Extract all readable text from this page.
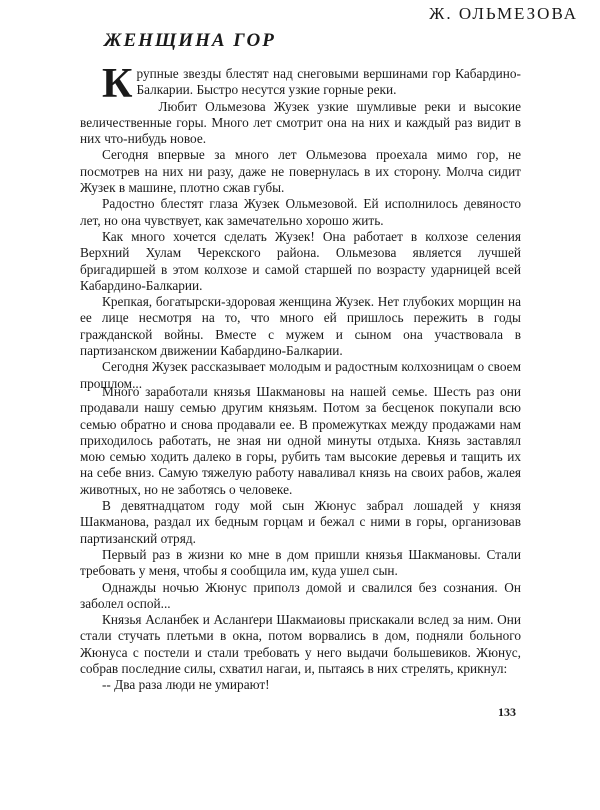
Ж. ОЛЬМЕЗОВА
ЖЕНЩИНА ГОР

Крупные звезды блестят над снеговыми вершинами гор Кабардино-Балкарии. Быстро несутся узкие горные реки.

Любит Ольмезова Жузек узкие шумливые реки и высокие величественные горы. Много лет смотрит она на них и каждый раз видит в них что-нибудь новое.

Сегодня впервые за много лет Ольмезова проехала мимо гор, не посмотрев на них ни разу, даже не повернулась в их сторону. Молча сидит Жузек в машине, плотно сжав губы.

Радостно блестят глаза Жузек Ольмезовой. Ей исполнилось девяносто лет, но она чувствует, как замечательно хорошо жить.

Как много хочется сделать Жузек! Она работает в колхозе селения Верхний Хулам Черекского района. Ольмезова является лучшей бригадиршей в этом колхозе и самой старшей по возрасту ударницей всей Кабардино-Балкарии.

Крепкая, богатырски-здоровая женщина Жузек. Нет глубоких морщин на ее лице несмотря на то, что много ей пришлось пережить в годы гражданской войны. Вместе с мужем и сыном она участвовала в партизанском движении Кабардино-Балкарии.

Сегодня Жузек рассказывает молодым и радостным колхозницам о своем прошлом...

Много заработали князья Шакмановы на нашей семье. Шесть раз они продавали нашу семью другим князьям. Потом за бесценок покупали всю семью обратно и снова продавали ее. В промежутках между продажами нам приходилось работать, не зная ни одной минуты отдыха. Князь заставлял мою семью ходить далеко в горы, рубить там высокие деревья и тащить их на себе вниз. Самую тяжелую работу наваливал князь на своих рабов, жалея животных, но не заботясь о человеке.

В девятнадцатом году мой сын Жюнус забрал лошадей у князя Шакманова, раздал их бедным горцам и бежал с ними в горы, организовав партизанский отряд.

Первый раз в жизни ко мне в дом пришли князья Шакмановы. Стали требовать у меня, чтобы я сообщила им, куда ушел сын.

Однажды ночью Жюнус приполз домой и свалился без сознания. Он заболел оспой...

Князья Асланбек и Асланґери Шакмаиовы прискакали вслед за ним. Они стали стучать плетьми в окна, потом ворвались в дом, подняли больного Жюнуса с постели и стали требовать у него выдачи большевиков. Жюнус, собрав последние силы, схватил нагаи, и, пытаясь в них стрелять, крикнул:

-- Два раза люди не умирают!

133
